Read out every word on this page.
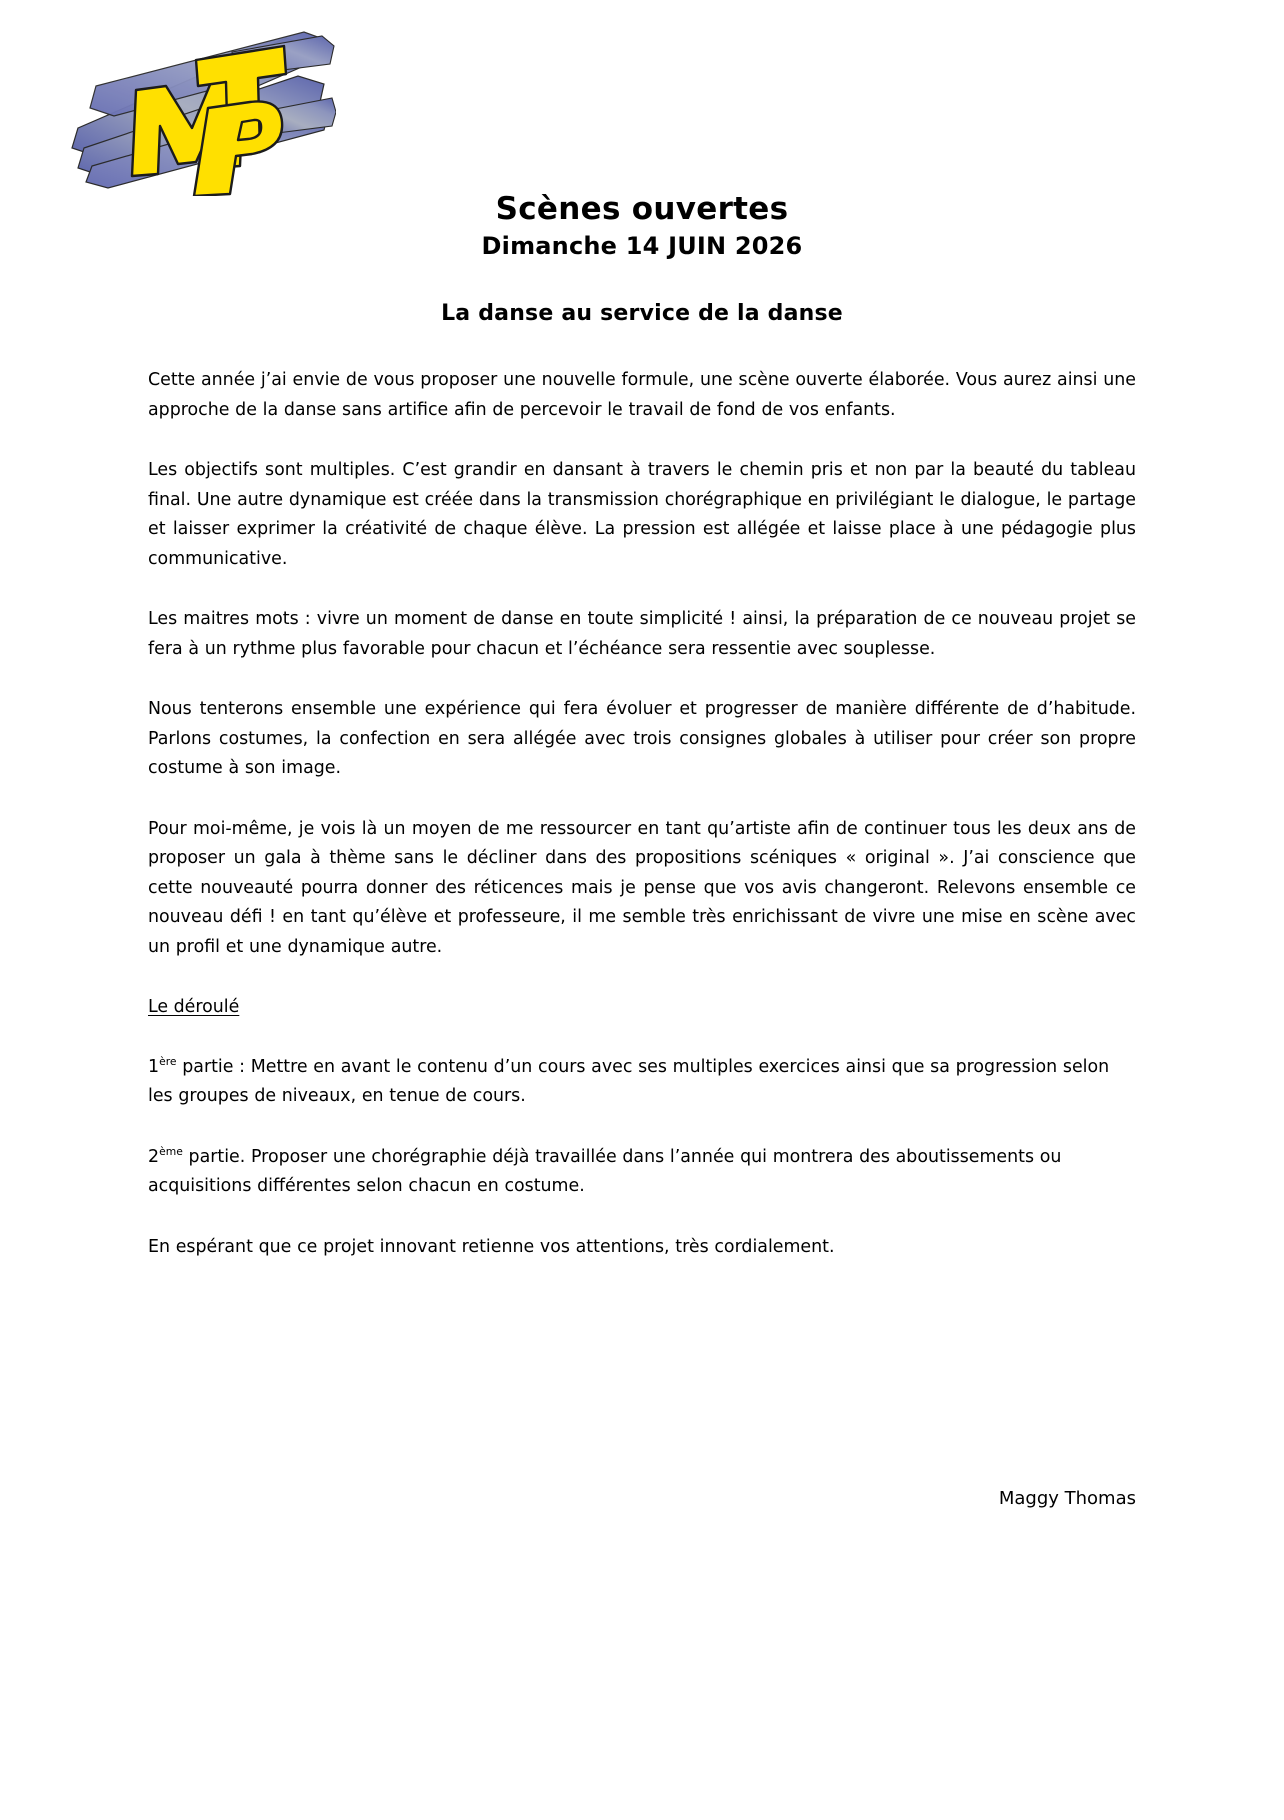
Scènes ouvertes
Dimanche 14 JUIN 2026
La danse au service de la danse

Cette année j’ai envie de vous proposer une nouvelle formule, une scène ouverte élaborée. Vous aurez ainsi une approche de la danse sans artifice afin de percevoir le travail de fond de vos enfants.

Les objectifs sont multiples. C’est grandir en dansant à travers le chemin pris et non par la beauté du tableau final. Une autre dynamique est créée dans la transmission chorégraphique en privilégiant le dialogue, le partage et laisser exprimer la créativité de chaque élève. La pression est allégée et laisse place à une pédagogie plus communicative.

Les maitres mots : vivre un moment de danse en toute simplicité ! ainsi, la préparation de ce nouveau projet se fera à un rythme plus favorable pour chacun et l’échéance sera ressentie avec souplesse.

Nous tenterons ensemble une expérience qui fera évoluer et progresser de manière différente de d’habitude. Parlons costumes, la confection en sera allégée avec trois consignes globales à utiliser pour créer son propre costume à son image.

Pour moi-même, je vois là un moyen de me ressourcer en tant qu’artiste afin de continuer tous les deux ans de proposer un gala à thème sans le décliner dans des propositions scéniques « original ». J’ai conscience que cette nouveauté pourra donner des réticences mais je pense que vos avis changeront. Relevons ensemble ce nouveau défi ! en tant qu’élève et professeure, il me semble très enrichissant de vivre une mise en scène avec un profil et une dynamique autre.

Le déroulé

1ère partie : Mettre en avant le contenu d’un cours avec ses multiples exercices ainsi que sa progression selon les groupes de niveaux, en tenue de cours.

2ème partie. Proposer une chorégraphie déjà travaillée dans l’année qui montrera des aboutissements ou acquisitions différentes selon chacun en costume.

En espérant que ce projet innovant retienne vos attentions, très cordialement.

Maggy Thomas
